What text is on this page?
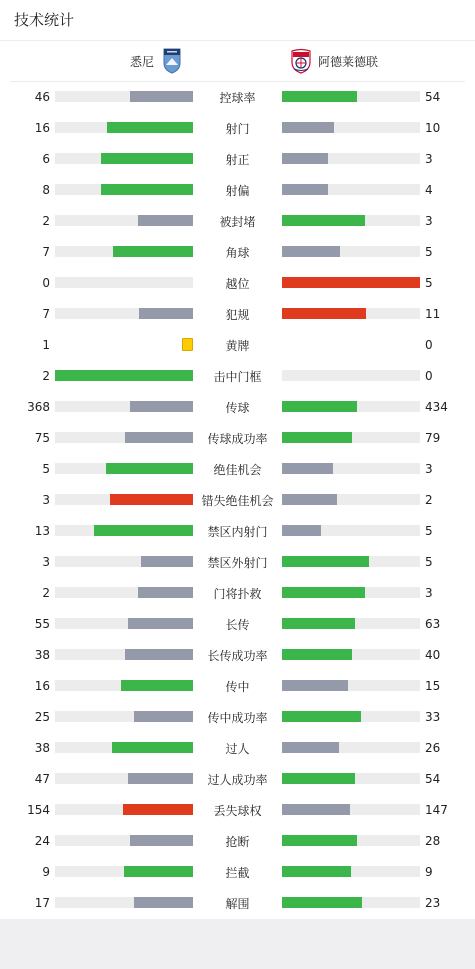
技术统计
悉尼	阿德莱德联
46	控球率	54
16	射门	10
6	射正	3
8	射偏	4
2	被封堵	3
7	角球	5
0	越位	5
7	犯规	11
1	黄牌	0
2	击中门框	0
368	传球	434
75	传球成功率	79
5	绝佳机会	3
3	错失绝佳机会	2
13	禁区内射门	5
3	禁区外射门	5
2	门将扑救	3
55	长传	63
38	长传成功率	40
16	传中	15
25	传中成功率	33
38	过人	26
47	过人成功率	54
154	丢失球权	147
24	抢断	28
9	拦截	9
17	解围	23
